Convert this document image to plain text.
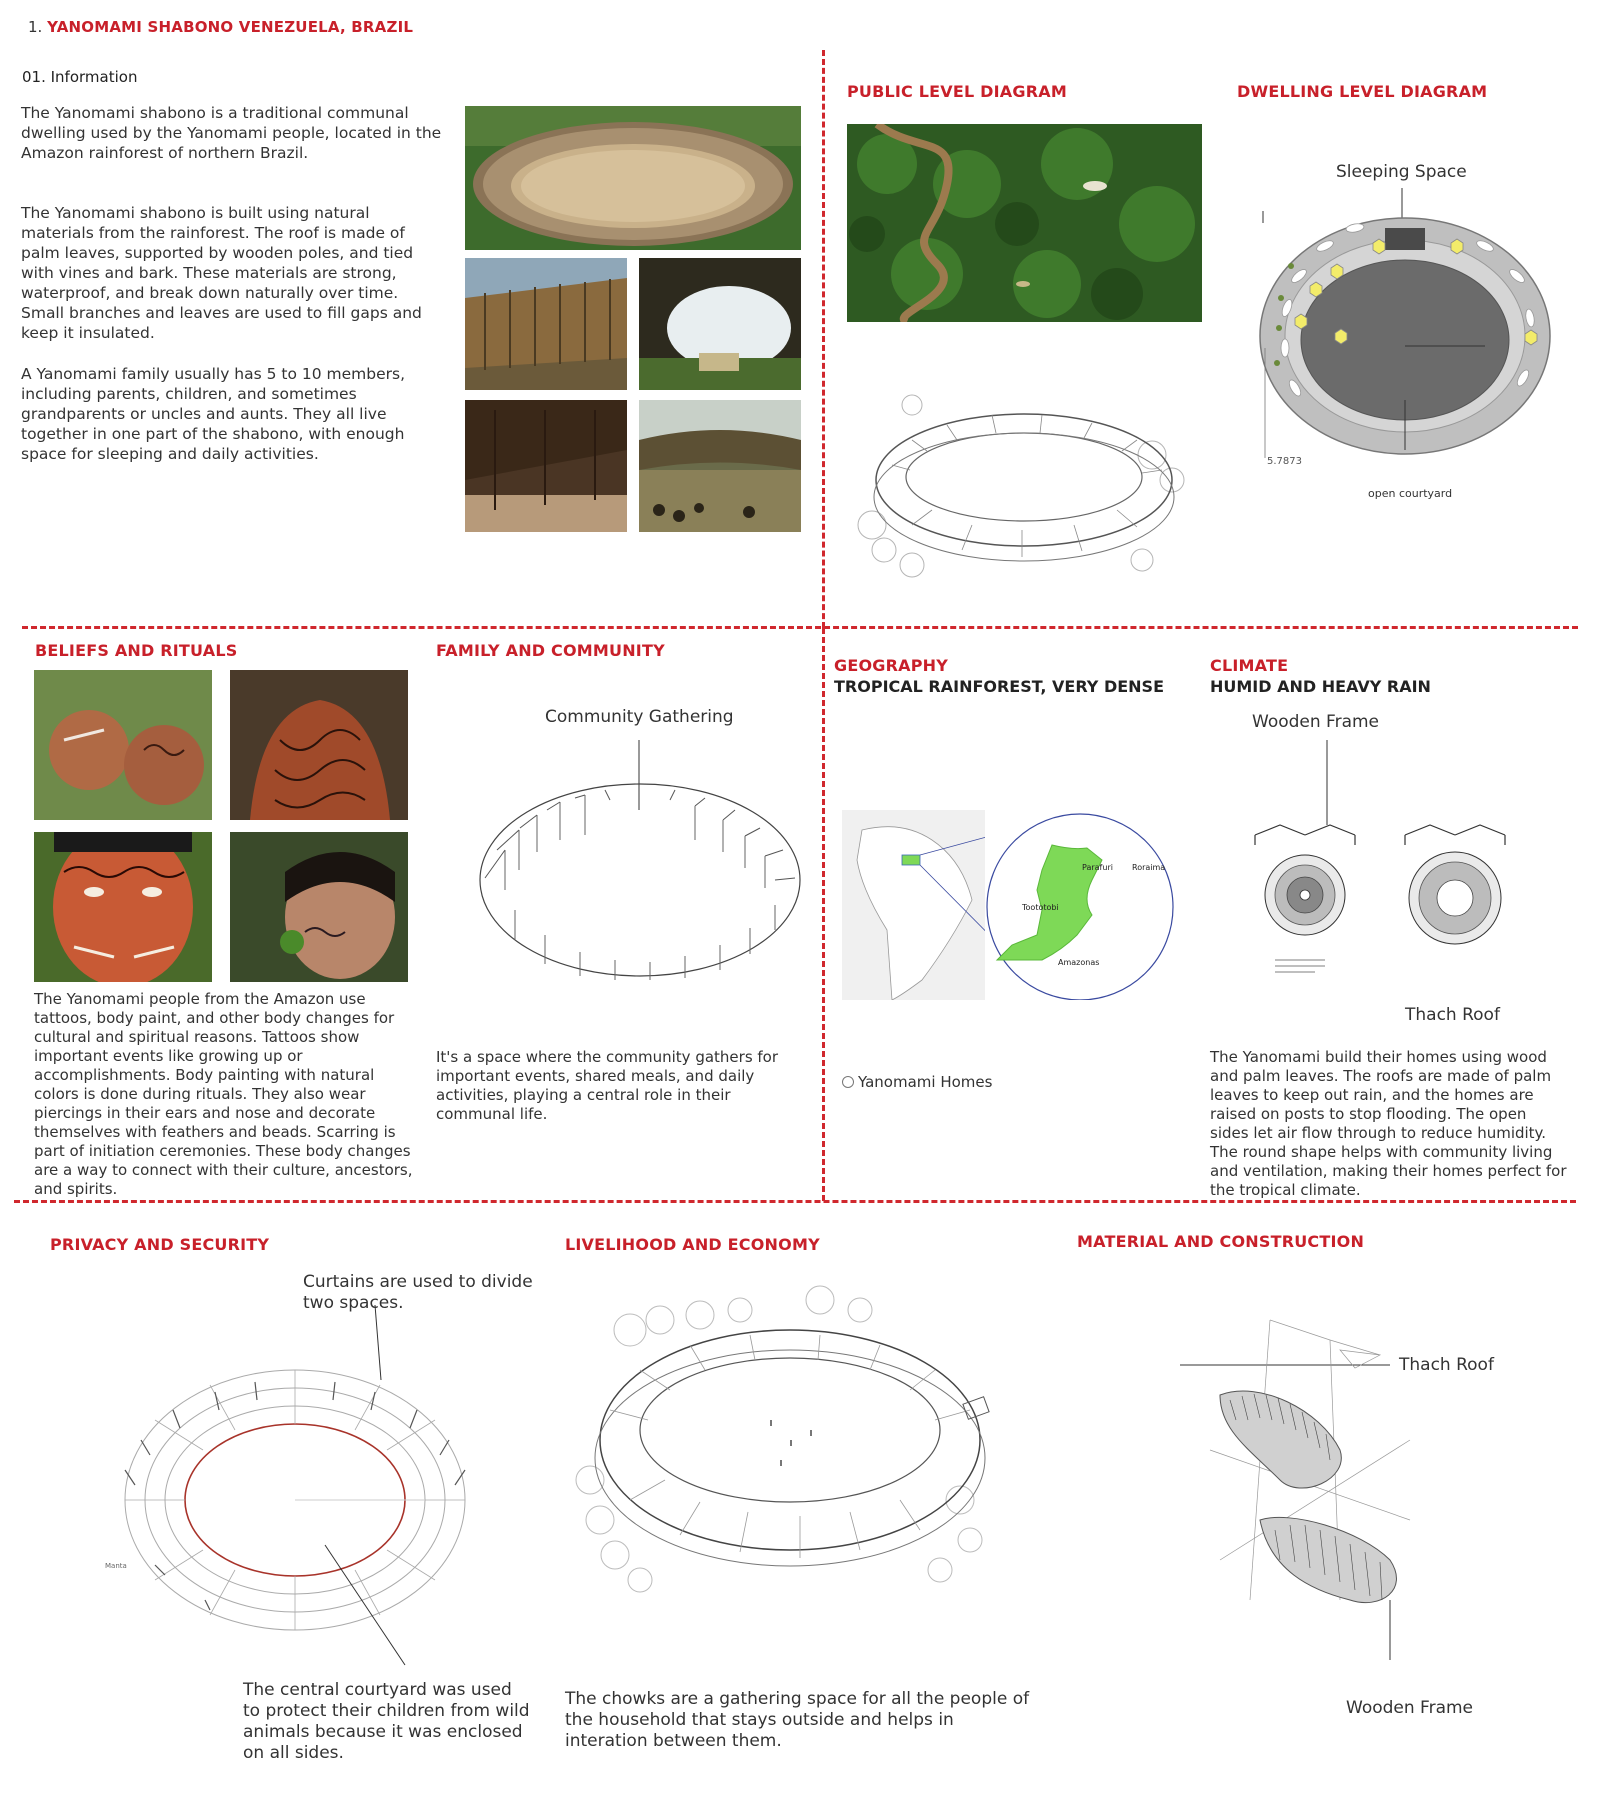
1. YANOMAMI SHABONO VENEZUELA, BRAZIL
01. Information
The Yanomami shabono is a traditional communal dwelling used by the Yanomami people, located in the Amazon rainforest of northern Brazil.
The Yanomami shabono is built using natural materials from the rainforest. The roof is made of palm leaves, supported by wooden poles, and tied with vines and bark. These materials are strong, waterproof, and break down naturally over time. Small branches and leaves are used to fill gaps and keep it insulated.
A Yanomami family usually has 5 to 10 members, including parents, children, and sometimes grandparents or uncles and aunts. They all live together in one part of the shabono, with enough space for sleeping and daily activities.
PUBLIC LEVEL DIAGRAM	DWELLING LEVEL DIAGRAM
Sleeping Space
5.7873
open courtyard
BELIEFS AND RITUALS
The Yanomami people from the Amazon use tattoos, body paint, and other body changes for cultural and spiritual reasons. Tattoos show important events like growing up or accomplishments. Body painting with natural colors is done during rituals. They also wear piercings in their ears and nose and decorate themselves with feathers and beads. Scarring is part of initiation ceremonies. These body changes are a way to connect with their culture, ancestors, and spirits.
FAMILY AND COMMUNITY
Community Gathering
It's a space where the community gathers for important events, shared meals, and daily activities, playing a central role in their communal life.
GEOGRAPHY
TROPICAL RAINFOREST, VERY DENSE
Parafuri Roraima
Toototobi
Amazonas
Yanomami Homes
CLIMATE
HUMID AND HEAVY RAIN
Wooden Frame
Thach Roof
The Yanomami build their homes using wood and palm leaves. The roofs are made of palm leaves to keep out rain, and the homes are raised on posts to stop flooding. The open sides let air flow through to reduce humidity. The round shape helps with community living and ventilation, making their homes perfect for the tropical climate.
PRIVACY AND SECURITY
Curtains are used to divide two spaces.
Manta
The central courtyard was used to protect their children from wild animals because it was enclosed on all sides.
LIVELIHOOD AND ECONOMY
The chowks are a gathering space for all the people of the household that stays outside and helps in interation between them.
MATERIAL AND CONSTRUCTION
Thach Roof
Wooden Frame
